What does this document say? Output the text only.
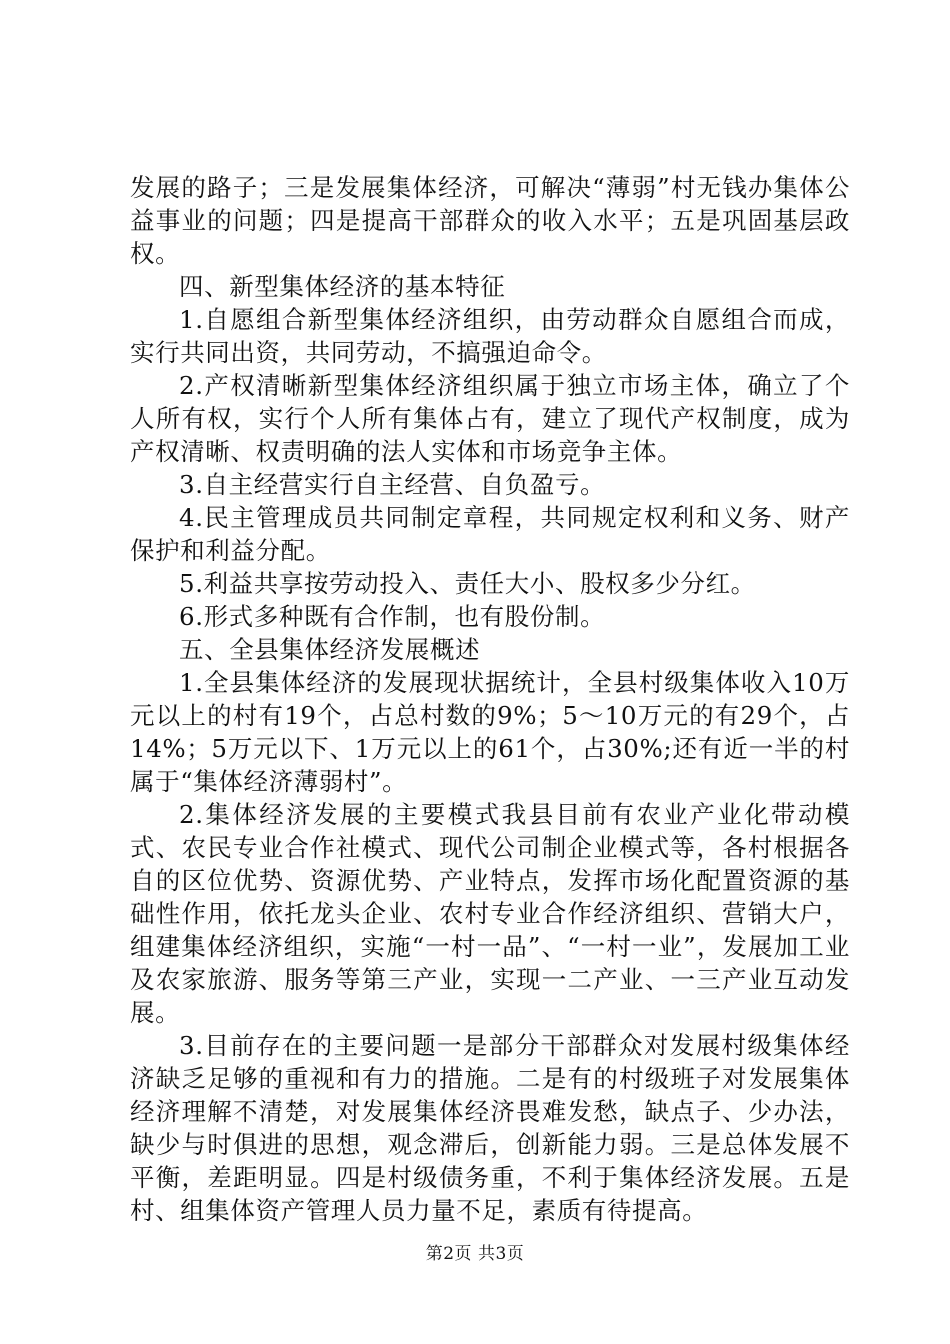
发展的路子；三是发展集体经济，可解决“薄弱”村无钱办集体公益事业的问题；四是提高干部群众的收入水平；五是巩固基层政权。

四、新型集体经济的基本特征

1.自愿组合新型集体经济组织，由劳动群众自愿组合而成，实行共同出资，共同劳动，不搞强迫命令。

2.产权清晰新型集体经济组织属于独立市场主体，确立了个人所有权，实行个人所有集体占有，建立了现代产权制度，成为产权清晰、权责明确的法人实体和市场竞争主体。

3.自主经营实行自主经营、自负盈亏。

4.民主管理成员共同制定章程，共同规定权利和义务、财产保护和利益分配。

5.利益共享按劳动投入、责任大小、股权多少分红。

6.形式多种既有合作制，也有股份制。

五、全县集体经济发展概述

1.全县集体经济的发展现状据统计，全县村级集体收入10万元以上的村有19个，占总村数的9%；5～10万元的有29个，占14%；5万元以下、1万元以上的61个，占30%;还有近一半的村属于“集体经济薄弱村”。

2.集体经济发展的主要模式我县目前有农业产业化带动模式、农民专业合作社模式、现代公司制企业模式等，各村根据各自的区位优势、资源优势、产业特点，发挥市场化配置资源的基础性作用，依托龙头企业、农村专业合作经济组织、营销大户，组建集体经济组织，实施“一村一品”、“一村一业”，发展加工业及农家旅游、服务等第三产业，实现一二产业、一三产业互动发展。

3.目前存在的主要问题一是部分干部群众对发展村级集体经济缺乏足够的重视和有力的措施。二是有的村级班子对发展集体经济理解不清楚，对发展集体经济畏难发愁，缺点子、少办法，缺少与时俱进的思想，观念滞后，创新能力弱。三是总体发展不平衡，差距明显。四是村级债务重，不利于集体经济发展。五是村、组集体资产管理人员力量不足，素质有待提高。

第2页 共3页
